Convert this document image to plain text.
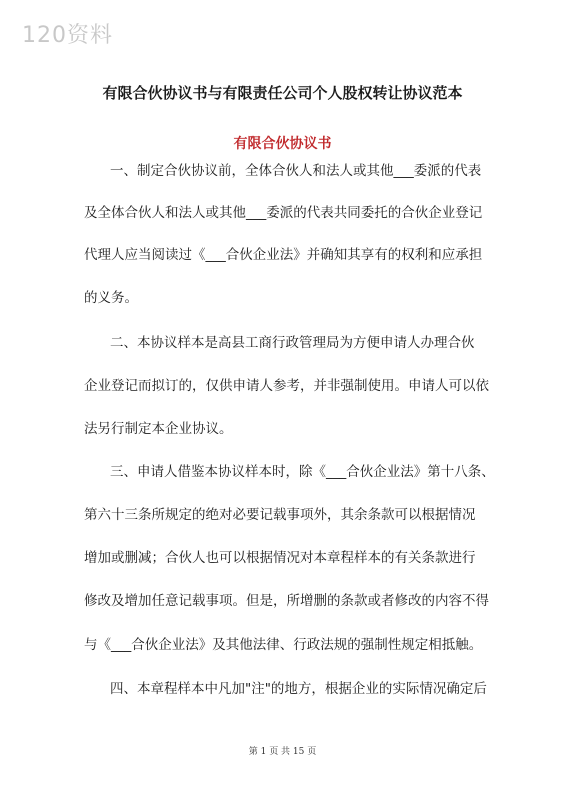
120资料
有限合伙协议书与有限责任公司个人股权转让协议范本
有限合伙协议书
一、制定合伙协议前，全体合伙人和法人或其他___委派的代表
及全体合伙人和法人或其他___委派的代表共同委托的合伙企业登记
代理人应当阅读过《___合伙企业法》并确知其享有的权利和应承担
的义务。
二、本协议样本是高县工商行政管理局为方便申请人办理合伙
企业登记而拟订的，仅供申请人参考，并非强制使用。申请人可以依
法另行制定本企业协议。
三、申请人借鉴本协议样本时，除《___合伙企业法》第十八条、
第六十三条所规定的绝对必要记载事项外，其余条款可以根据情况
增加或删减；合伙人也可以根据情况对本章程样本的有关条款进行
修改及增加任意记载事项。但是，所增删的条款或者修改的内容不得
与《___合伙企业法》及其他法律、行政法规的强制性规定相抵触。
四、本章程样本中凡加"注"的地方，根据企业的实际情况确定后
第 1 页 共 15 页
